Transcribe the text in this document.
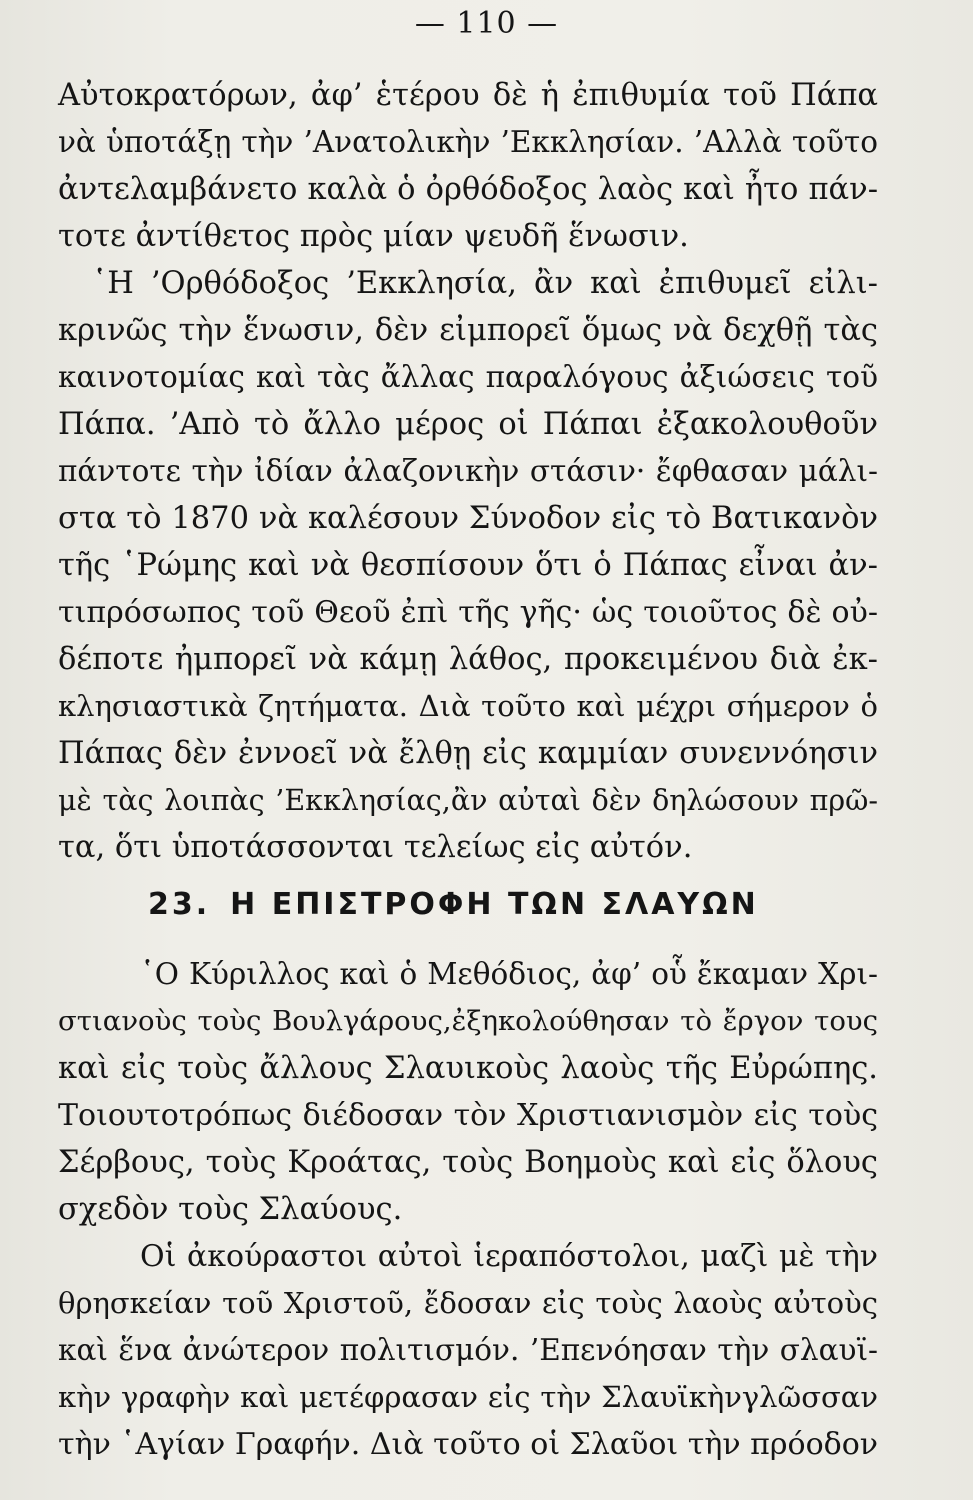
— 110 —
Αὐτοκρατόρων, ἀφ’ ἑτέρου δὲ ἡ ἐπιθυμία τοῦ Πάπα
νὰ ὑποτάξῃ τὴν ’Ανατολικὴν ’Εκκλησίαν. ’Αλλὰ τοῦτο
ἀντελαμβάνετο καλὰ ὁ ὀρθόδοξος λαὸς καὶ ἦτο πάν-
τοτε ἀντίθετος πρὸς μίαν ψευδῆ ἕνωσιν.
῾Η ’Ορθόδοξος ’Εκκλησία, ἂν καὶ ἐπιθυμεῖ εἰλι-
κρινῶς τὴν ἕνωσιν, δὲν εἰμπορεῖ ὅμως νὰ δεχθῇ τὰς
καινοτομίας καὶ τὰς ἄλλας παραλόγους ἀξιώσεις τοῦ
Πάπα. ’Απὸ τὸ ἄλλο μέρος οἱ Πάπαι ἐξακολουθοῦν
πάντοτε τὴν ἰδίαν ἀλαζονικὴν στάσιν· ἔφθασαν μάλι-
στα τὸ 1870 νὰ καλέσουν Σύνοδον εἰς τὸ Βατικανὸν
τῆς ῾Ρώμης καὶ νὰ θεσπίσουν ὅτι ὁ Πάπας εἶναι ἀν-
τιπρόσωπος τοῦ Θεοῦ ἐπὶ τῆς γῆς· ὡς τοιοῦτος δὲ οὐ-
δέποτε ἠμπορεῖ νὰ κάμῃ λάθος, προκειμένου διὰ ἐκ-
κλησιαστικὰ ζητήματα. Διὰ τοῦτο καὶ μέχρι σήμερον ὁ
Πάπας δὲν ἐννοεῖ νὰ ἔλθῃ εἰς καμμίαν συνεννόησιν
μὲ τὰς λοιπὰς ’Εκκλησίας,ἂν αὐταὶ δὲν δηλώσουν πρῶ-
τα, ὅτι ὑποτάσσονται τελείως εἰς αὐτόν.
23. Η ΕΠΙΣΤΡΟΦΗ ΤΩΝ ΣΛΑΥΩΝ
῾Ο Κύριλλος καὶ ὁ Μεθόδιος, ἀφ’ οὗ ἔκαμαν Χρι-
στιανοὺς τοὺς Βουλγάρους,ἐξηκολούθησαν τὸ ἔργον τους
καὶ εἰς τοὺς ἄλλους Σλαυικοὺς λαοὺς τῆς Εὐρώπης.
Τοιουτοτρόπως διέδοσαν τὸν Χριστιανισμὸν εἰς τοὺς
Σέρβους, τοὺς Κροάτας, τοὺς Βοημοὺς καὶ εἰς ὅλους
σχεδὸν τοὺς Σλαύους.
Οἱ ἀκούραστοι αὐτοὶ ἱεραπόστολοι, μαζὶ μὲ τὴν
θρησκείαν τοῦ Χριστοῦ, ἔδοσαν εἰς τοὺς λαοὺς αὐτοὺς
καὶ ἕνα ἀνώτερον πολιτισμόν. ’Επενόησαν τὴν σλαυϊ-
κὴν γραφὴν καὶ μετέφρασαν εἰς τὴν Σλαυϊκὴνγλῶσσαν
τὴν ῾Αγίαν Γραφήν. Διὰ τοῦτο οἱ Σλαῦοι τὴν πρόοδον
